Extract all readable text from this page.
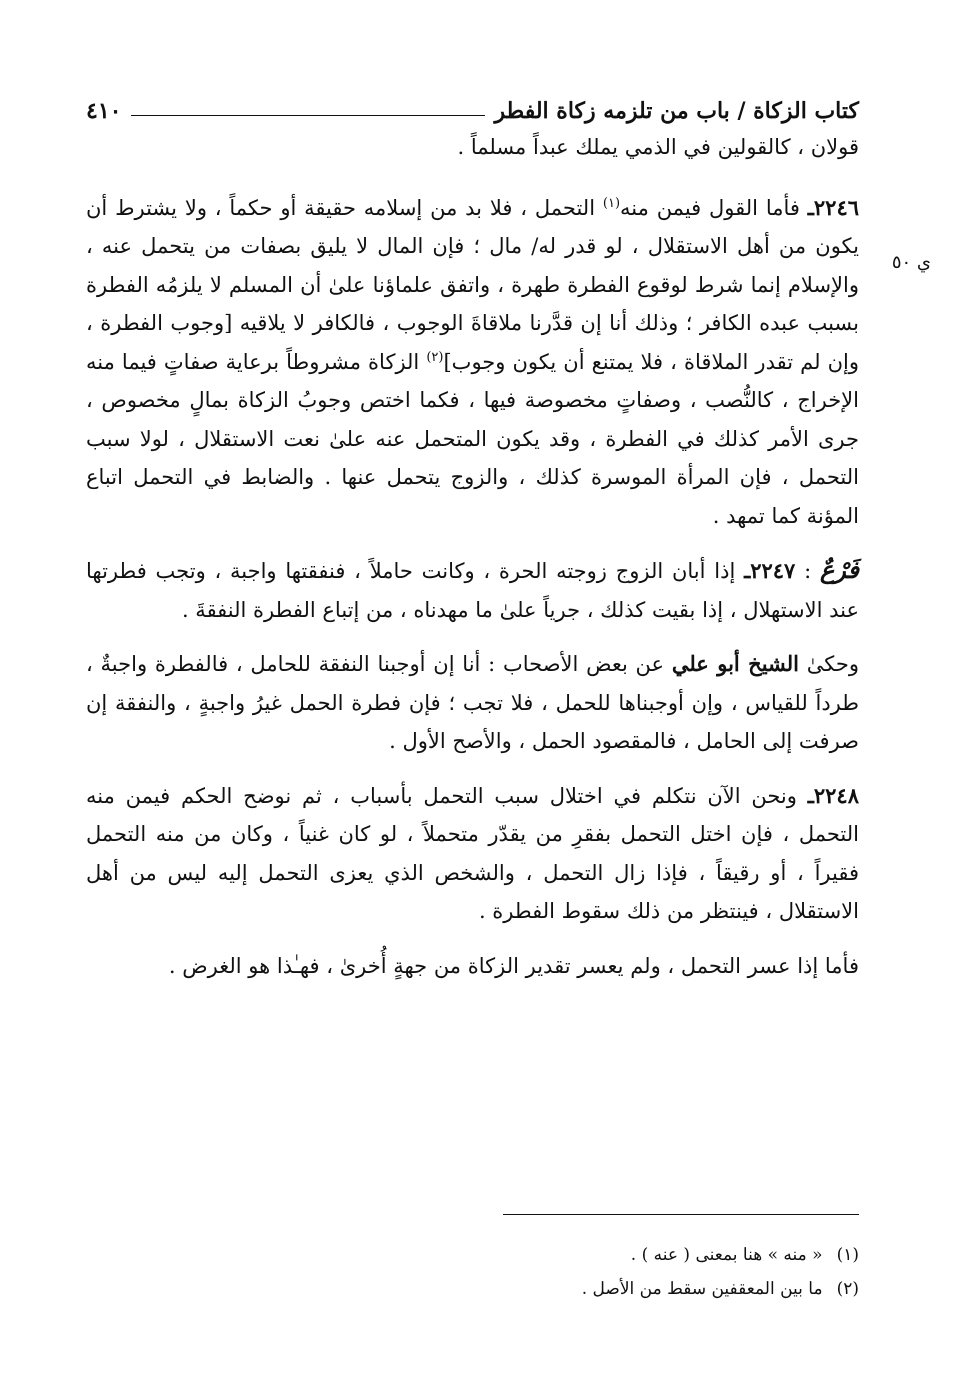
كتاب الزكاة / باب من تلزمه زكاة الفطر
٤١٠

قولان ، كالقولين في الذمي يملك عبداً مسلماً .

٢٢٤٦ـ فأما القول فيمن منه$^{(١)}$ التحمل ، فلا بد من إسلامه حقيقة أو حكماً ، ولا يشترط أن يكون من أهل الاستقلال ، لو قدر له/ مال ؛ فإن المال لا يليق بصفات من يتحمل عنه ، والإسلام إنما شرط لوقوع الفطرة طهرة ، واتفق علماؤنا علىٰ أن المسلم لا يلزمُه الفطرة بسبب عبده الكافر ؛ وذلك أنا إن قدَّرنا ملاقاةَ الوجوب ، فالكافر لا يلاقيه [وجوب الفطرة ، وإن لم تقدر الملاقاة ، فلا يمتنع أن يكون وجوب]$^{(٢)}$ الزكاة مشروطاً برعاية صفاتٍ فيما منه الإخراج ، كالنُّصب ، وصفاتٍ مخصوصة فيها ، فكما اختص وجوبُ الزكاة بمالٍ مخصوص ، جرى الأمر كذلك في الفطرة ، وقد يكون المتحمل عنه علىٰ نعت الاستقلال ، لولا سبب التحمل ، فإن المرأة الموسرة كذلك ، والزوج يتحمل عنها . والضابط في التحمل اتباع المؤنة كما تمهد .

فَرْعٌ : ٢٢٤٧ـ إذا أبان الزوج زوجته الحرة ، وكانت حاملاً ، فنفقتها واجبة ، وتجب فطرتها عند الاستهلال ، إذا بقيت كذلك ، جرياً علىٰ ما مهدناه ، من إتباع الفطرة النفقةَ .

وحكىٰ الشيخ أبو علي عن بعض الأصحاب : أنا إن أوجبنا النفقة للحامل ، فالفطرة واجبةٌ ، طرداً للقياس ، وإن أوجبناها للحمل ، فلا تجب ؛ فإن فطرة الحمل غيرُ واجبةٍ ، والنفقة إن صرفت إلى الحامل ، فالمقصود الحمل ، والأصح الأول .

٢٢٤٨ـ ونحن الآن نتكلم في اختلال سبب التحمل بأسباب ، ثم نوضح الحكم فيمن منه التحمل ، فإن اختل التحمل بفقرِ من يقدّر متحملاً ، لو كان غنياً ، وكان من منه التحمل فقيراً ، أو رقيقاً ، فإذا زال التحمل ، والشخص الذي يعزى التحمل إليه ليس من أهل الاستقلال ، فينتظر من ذلك سقوط الفطرة .

فأما إذا عسر التحمل ، ولم يعسر تقدير الزكاة من جهةٍ أُخرىٰ ، فهـٰذا هو الغرض .

ي ٥٠
(١)
« منه » هنا بمعنى ( عنه ) .
(٢)
ما بين المعقفين سقط من الأصل .
